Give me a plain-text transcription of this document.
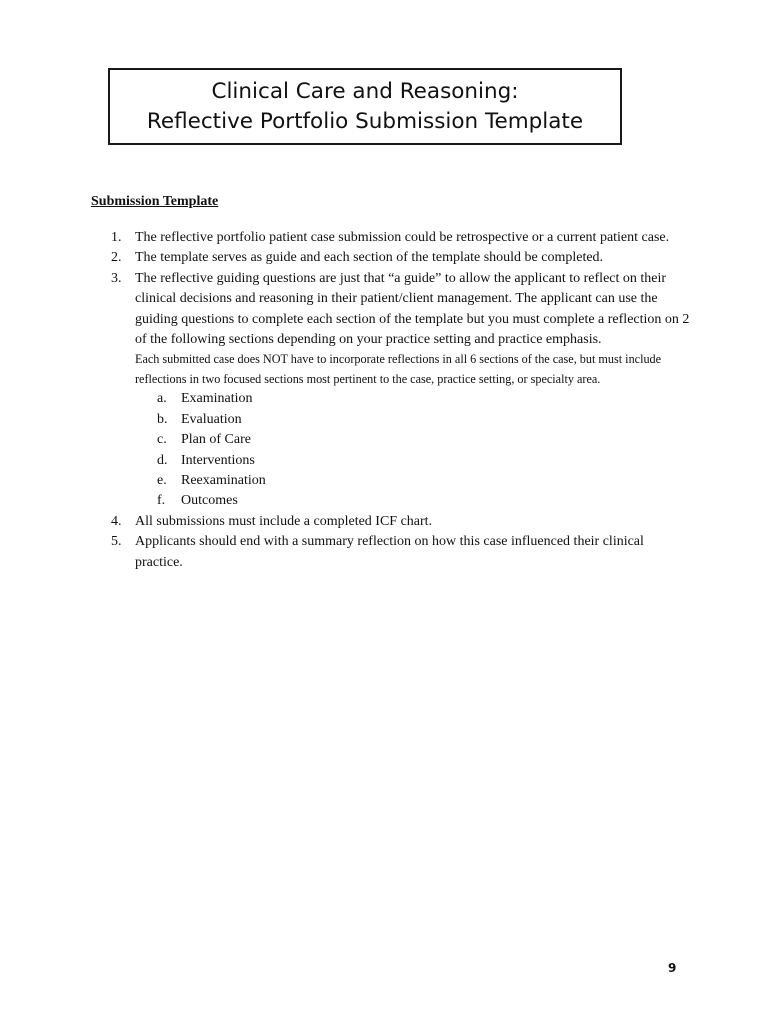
Clinical Care and Reasoning:
Reflective Portfolio Submission Template
Submission Template
1. The reflective portfolio patient case submission could be retrospective or a current patient case.
2. The template serves as guide and each section of the template should be completed.
3. The reflective guiding questions are just that “a guide” to allow the applicant to reflect on their clinical decisions and reasoning in their patient/client management. The applicant can use the guiding questions to complete each section of the template but you must complete a reflection on 2 of the following sections depending on your practice setting and practice emphasis.
Each submitted case does NOT have to incorporate reflections in all 6 sections of the case, but must include reflections in two focused sections most pertinent to the case, practice setting, or specialty area.
a. Examination
b. Evaluation
c. Plan of Care
d. Interventions
e. Reexamination
f. Outcomes
4. All submissions must include a completed ICF chart.
5. Applicants should end with a summary reflection on how this case influenced their clinical practice.
9
